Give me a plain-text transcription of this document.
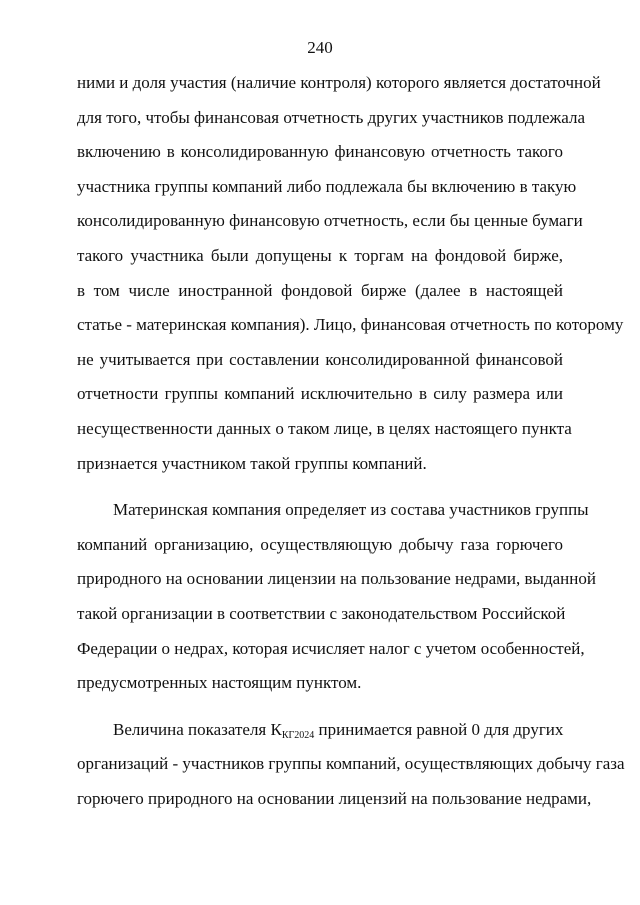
240
ними и доля участия (наличие контроля) которого является достаточной
для того, чтобы финансовая отчетность других участников подлежала
включению в консолидированную финансовую отчетность такого
участника группы компаний либо подлежала бы включению в такую
консолидированную финансовую отчетность, если бы ценные бумаги
такого участника были допущены к торгам на фондовой бирже,
в том числе иностранной фондовой бирже (далее в настоящей
статье - материнская компания). Лицо, финансовая отчетность по которому
не учитывается при составлении консолидированной финансовой
отчетности группы компаний исключительно в силу размера или
несущественности данных о таком лице, в целях настоящего пункта
признается участником такой группы компаний.
Материнская компания определяет из состава участников группы
компаний организацию, осуществляющую добычу газа горючего
природного на основании лицензии на пользование недрами, выданной
такой организации в соответствии с законодательством Российской
Федерации о недрах, которая исчисляет налог с учетом особенностей,
предусмотренных настоящим пунктом.
Величина показателя $К_{КГ2024}$ принимается равной 0 для других
организаций - участников группы компаний, осуществляющих добычу газа
горючего природного на основании лицензий на пользование недрами,
